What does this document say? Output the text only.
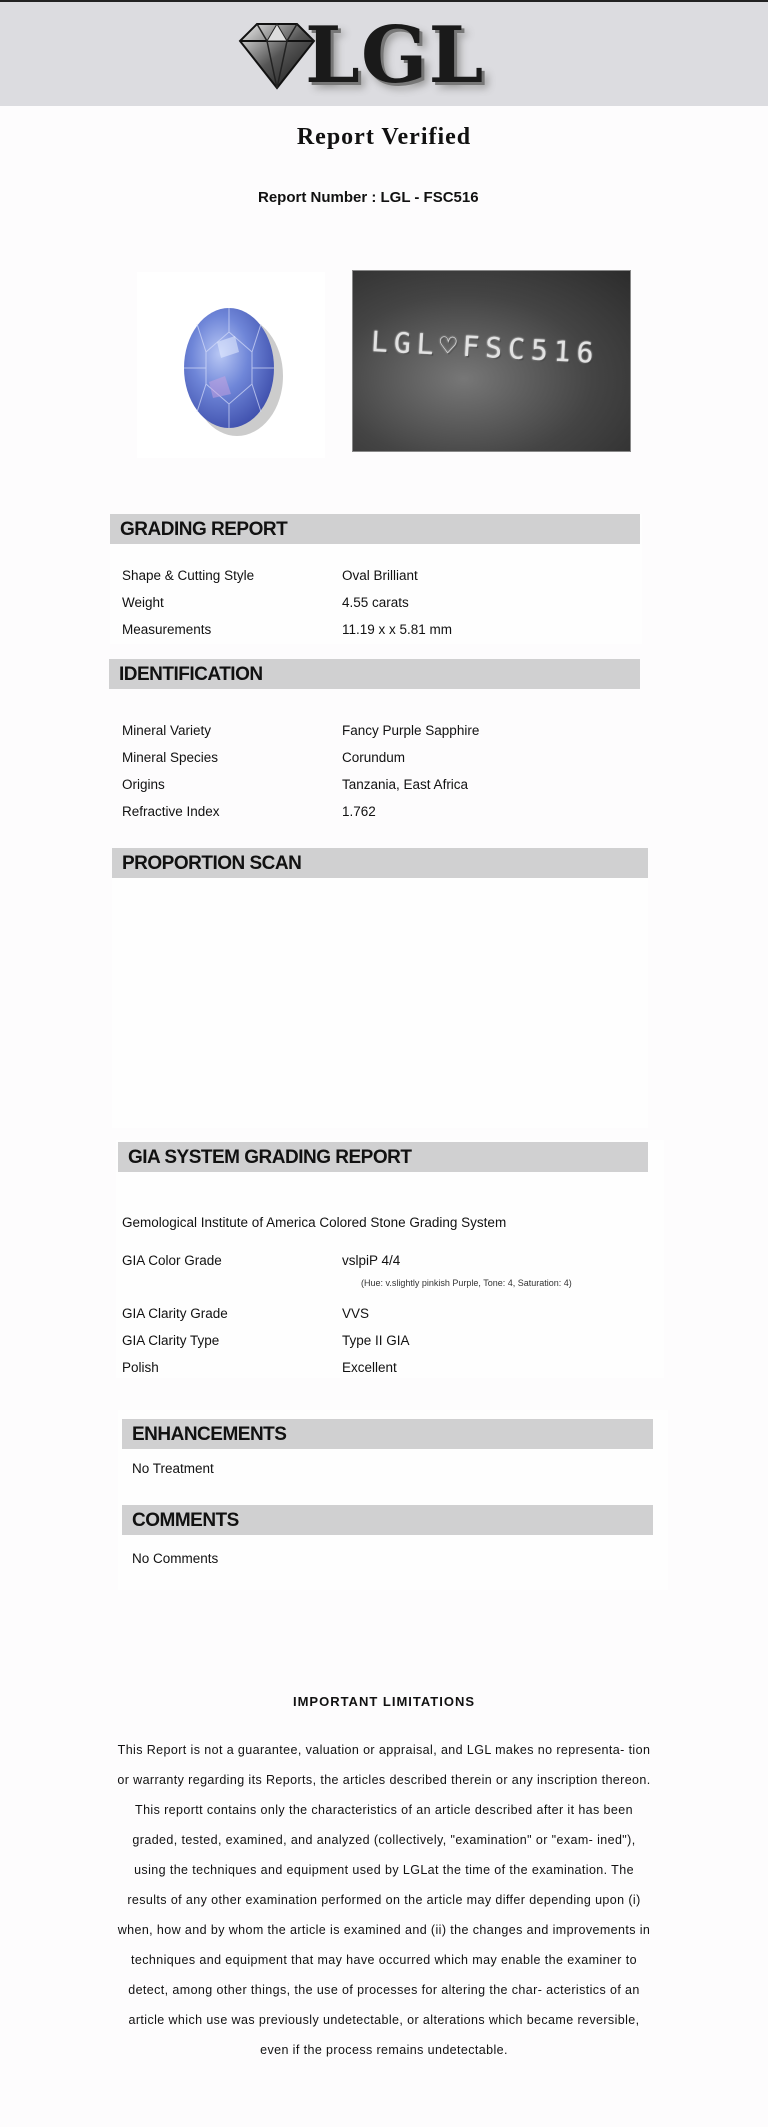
LGL
Report Verified
Report Number : LGL - FSC516
LGL♡FSC516
GRADING REPORT
Shape & Cutting Style	Oval Brilliant
Weight	4.55 carats
Measurements	11.19 x x 5.81 mm
IDENTIFICATION
Mineral Variety	Fancy Purple Sapphire
Mineral Species	Corundum
Origins	Tanzania, East Africa
Refractive Index	1.762
PROPORTION SCAN
GIA SYSTEM GRADING REPORT
Gemological Institute of America Colored Stone Grading System
GIA Color Grade	vslpiP 4/4
(Hue: v.slightly pinkish Purple, Tone: 4, Saturation: 4)
GIA Clarity Grade	VVS
GIA Clarity Type	Type II GIA
Polish	Excellent
ENHANCEMENTS
No Treatment
COMMENTS
No Comments
IMPORTANT LIMITATIONS
This Report is not a guarantee, valuation or appraisal, and LGL makes no representa- tion or warranty regarding its Reports, the articles described therein or any inscription thereon. This reportt contains only the characteristics of an article described after it has been graded, tested, examined, and analyzed (collectively, "examination" or "exam- ined"), using the techniques and equipment used by LGLat the time of the examination. The results of any other examination performed on the article may differ depending upon (i) when, how and by whom the article is examined and (ii) the changes and improvements in techniques and equipment that may have occurred which may enable the examiner to detect, among other things, the use of processes for altering the char- acteristics of an article which use was previously undetectable, or alterations which became reversible, even if the process remains undetectable.
